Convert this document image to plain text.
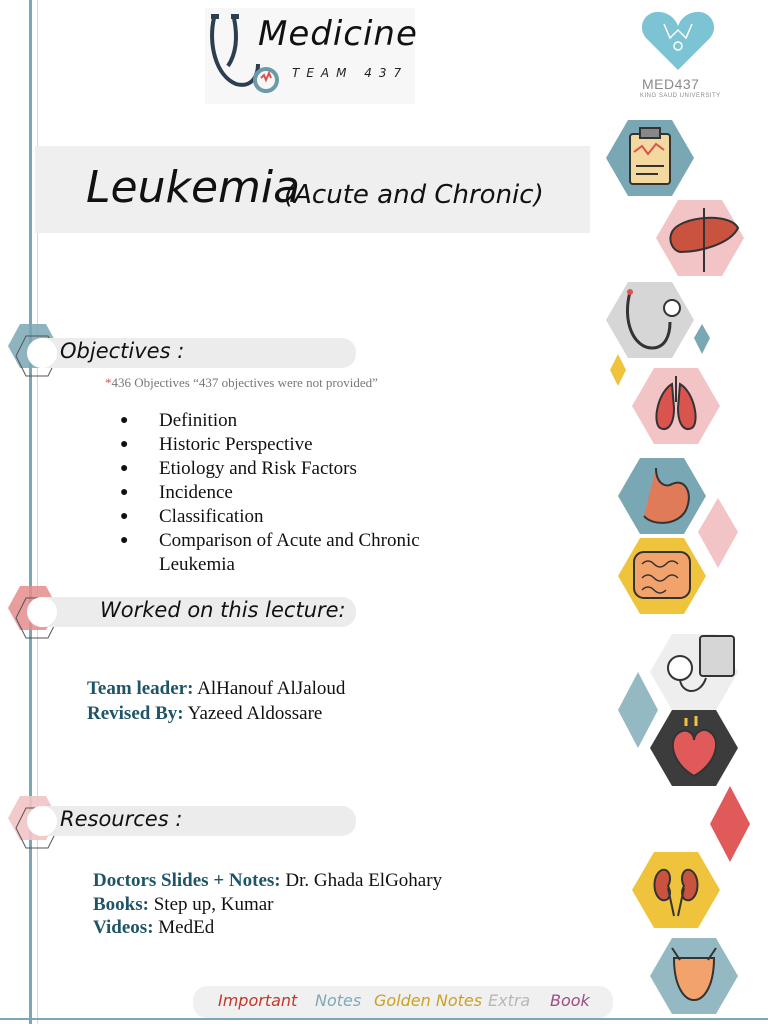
Medicine
TEAM 437
MED437
KING SAUD UNIVERSITY
Leukemia
(Acute and Chronic)
Objectives :
*436 Objectives “437 objectives were not provided”
● Definition
● Historic Perspective
● Etiology and Risk Factors
● Incidence
● Classification
● Comparison of Acute and Chronic Leukemia
Worked on this lecture:
Team leader: AlHanouf AlJaloud
Revised By: Yazeed Aldossare
Resources :
Doctors Slides + Notes: Dr. Ghada ElGohary
Books: Step up, Kumar
Videos: MedEd
Important Notes Golden Notes Extra Book
